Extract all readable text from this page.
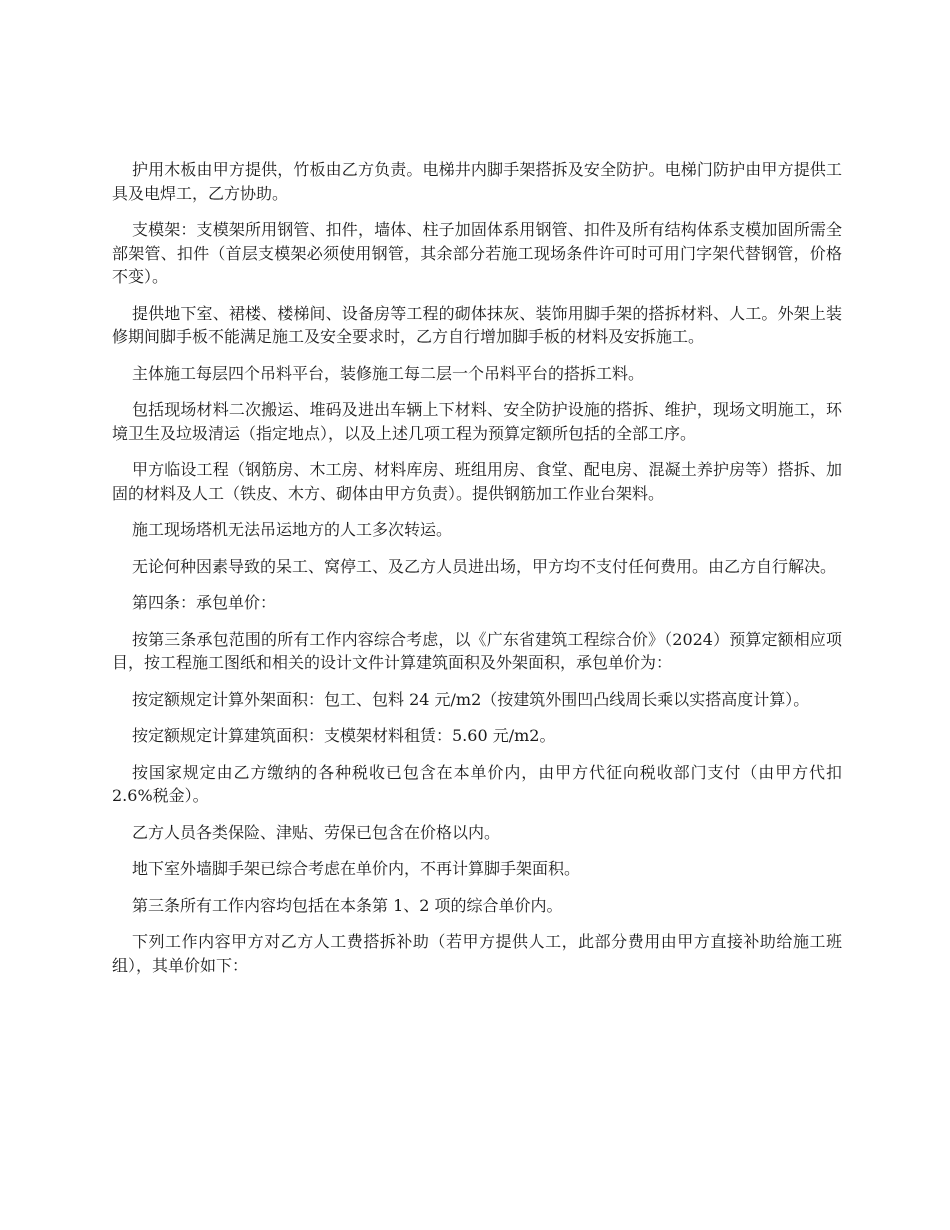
护用木板由甲方提供，竹板由乙方负责。电梯井内脚手架搭拆及安全防护。电梯门防护由甲方提供工具及电焊工，乙方协助。

支模架：支模架所用钢管、扣件，墙体、柱子加固体系用钢管、扣件及所有结构体系支模加固所需全部架管、扣件（首层支模架必须使用钢管，其余部分若施工现场条件许可时可用门字架代替钢管，价格不变）。

提供地下室、裙楼、楼梯间、设备房等工程的砌体抹灰、装饰用脚手架的搭拆材料、人工。外架上装修期间脚手板不能满足施工及安全要求时，乙方自行增加脚手板的材料及安拆施工。

主体施工每层四个吊料平台，装修施工每二层一个吊料平台的搭拆工料。

包括现场材料二次搬运、堆码及进出车辆上下材料、安全防护设施的搭拆、维护，现场文明施工，环境卫生及垃圾清运（指定地点），以及上述几项工程为预算定额所包括的全部工序。

甲方临设工程（钢筋房、木工房、材料库房、班组用房、食堂、配电房、混凝土养护房等）搭拆、加固的材料及人工（铁皮、木方、砌体由甲方负责）。提供钢筋加工作业台架料。

施工现场塔机无法吊运地方的人工多次转运。

无论何种因素导致的呆工、窝停工、及乙方人员进出场，甲方均不支付任何费用。由乙方自行解决。

第四条：承包单价：

按第三条承包范围的所有工作内容综合考虑，以《广东省建筑工程综合价》（2024）预算定额相应项目，按工程施工图纸和相关的设计文件计算建筑面积及外架面积，承包单价为：

按定额规定计算外架面积：包工、包料 24 元/m2（按建筑外围凹凸线周长乘以实搭高度计算）。

按定额规定计算建筑面积：支模架材料租赁：5.60 元/m2。

按国家规定由乙方缴纳的各种税收已包含在本单价内，由甲方代征向税收部门支付（由甲方代扣 2.6%税金）。

乙方人员各类保险、津贴、劳保已包含在价格以内。

地下室外墙脚手架已综合考虑在单价内，不再计算脚手架面积。

第三条所有工作内容均包括在本条第 1、2 项的综合单价内。

下列工作内容甲方对乙方人工费搭拆补助（若甲方提供人工，此部分费用由甲方直接补助给施工班组），其单价如下：
